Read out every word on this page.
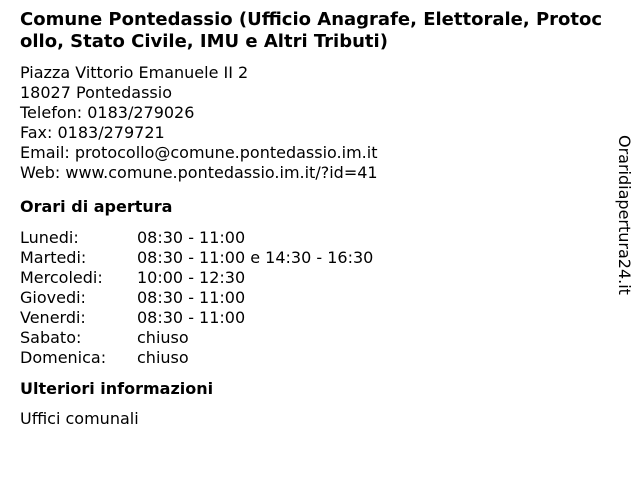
Comune Pontedassio (Ufficio Anagrafe, Elettorale, Protocollo, Stato Civile, IMU e Altri Tributi)
Piazza Vittorio Emanuele II 2
18027 Pontedassio
Telefon: 0183/279026
Fax: 0183/279721
Email: protocollo@comune.pontedassio.im.it
Web: www.comune.pontedassio.im.it/?id=41
Orari di apertura
Lunedi:	08:30 - 11:00
Martedi:	08:30 - 11:00 e 14:30 - 16:30
Mercoledi:	10:00 - 12:30
Giovedi:	08:30 - 11:00
Venerdi:	08:30 - 11:00
Sabato:	chiuso
Domenica:	chiuso
Ulteriori informazioni
Uffici comunali
Oraridiapertura24.it
